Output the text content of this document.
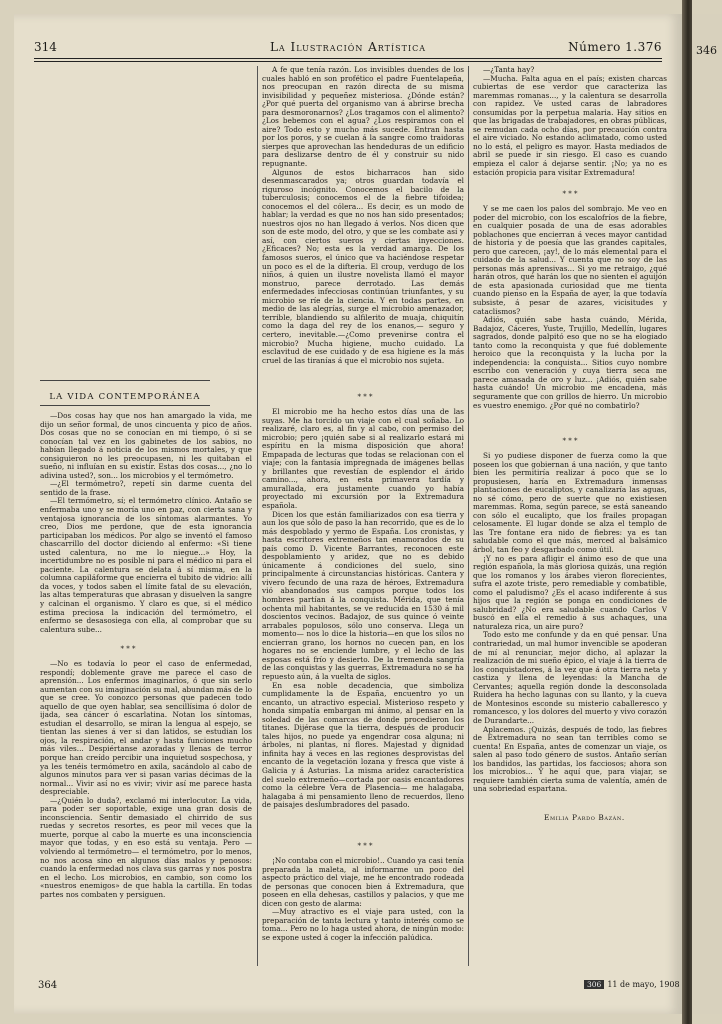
314	La Ilustración Artística	Número 1.376
LA VIDA CONTEMPORÁNEA

—Dos cosas hay que nos han amargado la vida, me dijo un señor formal, de unos cincuenta y pico de años. Dos cosas que no se conocían en mi tiempo, ó si se conocían tal vez en los gabinetes de los sabios, no habían llegado á noticia de los mismos mortales, y que consiguieron no les preocupasen, ni les quitaban el sueño, ni influían en su existir. Estas dos cosas..., ¿no lo adivina usted?, son... los microbios y el termómetro.

—¿El termómetro?, repetí sin darme cuenta del sentido de la frase.

—El termómetro, sí; el termómetro clínico. Antaño se enfermaba uno y se moría uno en paz, con cierta sana y ventajosa ignorancia de los síntomas alarmantes. Yo creo, Dios me perdone, que de esta ignorancia participaban los médicos. Por algo se inventó el famoso chascarrillo del doctor diciendo al enfermo: «Si tiene usted calentura, no me lo niegue...» Hoy, la incertidumbre no es posible ni para el médico ni para el paciente. La calentura se delata á sí misma, en la columna capiláforme que encierra el tubito de vidrio: allí da voces, y todos saben el límite fatal de su elevación, las altas temperaturas que abrasan y disuelven la sangre y calcinan el organismo. Y claro es que, si el médico estima preciosa la indicación del termómetro, el enfermo se desasosiega con ella, al comprobar que su calentura sube...

* * *

—No es todavía lo peor el caso de enfermedad, respondí; doblemente grave me parece el caso de aprensión... Los enfermos imaginarios, ó que sin serlo aumentan con su imaginación su mal, abundan más de lo que se cree. Yo conozco personas que padecen todo aquello de que oyen hablar, sea sencillísima ó dolor de ijada, sea cáncer ó escarlatina. Notan los síntomas, estudian el desarrollo, se miran la lengua al espejo, se tientan las sienes á ver si dan latidos, se estudian los ojos, la respiración, el andar y hasta funciones mucho más viles... Despiértanse azoradas y llenas de terror porque han creído percibir una inquietud sospechosa, y ya les tenéis termómetro en axila, sacándolo al cabo de algunos minutos para ver si pasan varias décimas de la normal... Vivir así no es vivir; vivir así me parece hasta despreciable.

—¿Quién lo duda?, exclamó mi interlocutor. La vida, para poder ser soportable, exige una gran dosis de inconsciencia. Sentir demasiado el chirrido de sus ruedas y secretos resortes, es peor mil veces que la muerte, porque al cabo la muerte es una inconsciencia mayor que todas, y en eso está su ventaja. Pero —volviendo al termómetro— el termómetro, por lo menos, no nos acosa sino en algunos días malos y penosos: cuando la enfermedad nos clava sus garras y nos postra en el lecho. Los microbios, en cambio, son como los «nuestros enemigos» de que habla la cartilla. En todas partes nos combaten y persiguen.

A fe que tenía razón. Los invisibles duendes de los cuales habló en son profético el padre Fuentelapeña, nos preocupan en razón directa de su misma invisibilidad y pequeñez misteriosa. ¿Dónde están? ¿Por qué puerta del organismo van á abrirse brecha para desmoronarnos? ¿Los tragamos con el alimento? ¿Los bebemos con el agua? ¿Los respiramos con el aire? Todo esto y mucho más sucede. Entran hasta por los poros, y se cuelan á la sangre como traidoras sierpes que aprovechan las hendeduras de un edificio para deslizarse dentro de él y construir su nido repugnante.

Algunos de estos bicharracos han sido desenmascarados ya; otros guardan todavía el riguroso incógnito. Conocemos el bacilo de la tuberculosis; conocemos el de la fiebre tifoidea; conocemos el del cólera... Es decir, es un modo de hablar; la verdad es que no nos han sido presentados; nuestros ojos no han llegado á verlos. Nos dicen que son de este modo, del otro, y que se les combate así y así, con ciertos sueros y ciertas inyecciones. ¿Eficaces? No; esta es la verdad amarga. De los famosos sueros, el único que va haciéndose respetar un poco es el de la difteria. El croup, verdugo de los niños, á quien un ilustre novelista llamó el mayor monstruo, parece derrotado. Las demás enfermedades infecciosas continúan triunfantes, y su microbio se ríe de la ciencia. Y en todas partes, en medio de las alegrías, surge el microbio amenazador, terrible, blandiendo su alfilerito de muaja, chiquitín como la daga del rey de los enanos,— seguro y certero, inevitable.—¿Como prevenirse contra el microbio? Mucha higiene, mucho cuidado. La esclavitud de ese cuidado y de esa higiene es la más cruel de las tiranías á que el microbio nos sujeta.

* * *

El microbio me ha hecho estos días una de las suyas. Me ha torcido un viaje con el cual soñaba. Lo realizaré, claro es, al fin y al cabo, con permiso del microbio; pero ¡quién sabe si al realizarlo estará mi espíritu en la misma disposición que ahora! Empapada de lecturas que todas se relacionan con el viaje; con la fantasía impregnada de imágenes bellas y brillantes que revestían de esplendor el árido camino..., ahora, en esta primavera tardía y amurallada, era justamente cuando yo había proyectado mi excursión por la Extremadura española.

Dicen los que están familiarizados con esa tierra y aun los que sólo de paso la han recorrido, que es de lo más despoblado y yermo de España. Los cronistas, y hasta escritores extremeños tan enamorados de su país como D. Vicente Barrantes, reconocen este despoblamiento y aridez, que no es debido únicamente á condiciones del suelo, sino principalmente á circunstancias históricas. Cantera y vivero fecundo de una raza de héroes, Extremadura vió abandonados sus campos porque todos los hombres partían á la conquista. Mérida, que tenía ochenta mil habitantes, se ve reducida en 1530 á mil doscientos vecinos. Badajoz, de sus quince ó veinte arrabales populosos, sólo uno conserva. Llega un momento— nos lo dice la historia—en que los silos no encierran grano, los hornos no cuecen pan, en los hogares no se enciende lumbre, y el lecho de las esposas está frío y desierto. De la tremenda sangría de las conquistas y las guerras, Extremadura no se ha repuesto aún, á la vuelta de siglos.

En esa noble decadencia, que simboliza cumplidamente la de España, encuentro yo un encanto, un atractivo especial. Misterioso respeto y honda simpatía embargan mi ánimo, al pensar en la soledad de las comarcas de donde procedieron los titanes. Dijérase que la tierra, después de producir tales hijos, no puede ya engendrar cosa alguna; ni árboles, ni plantas, ni flores. Majestad y dignidad infinita hay á veces en las regiones desprovistas del encanto de la vegetación lozana y fresca que viste á Galicia y á Asturias. La misma aridez característica del suelo extremeño—cortada por oasis encantadores como la célebre Vera de Plasencia— me halagaba, halagaba á mi pensamiento lleno de recuerdos, lleno de paisajes deslumbradores del pasado.

* * *

¡No contaba con el microbio!.. Cuando ya casi tenía preparada la maleta, al informarme un poco del aspecto práctico del viaje, me he encontrado rodeada de personas que conocen bien á Extremadura, que poseen en ella dehesas, castillos y palacios, y que me dicen con gesto de alarma:

—Muy atractivo es el viaje para usted, con la preparación de tanta lectura y tanto interés como se toma... Pero no lo haga usted ahora, de ningún modo: se expone usted á coger la infección palúdica.

—¿Tanta hay?

—Mucha. Falta agua en el país; existen charcas cubiertas de ese verdor que caracteriza las maremmas romanas..., y la calentura se desarrolla con rapidez. Ve usted caras de labradores consumidas por la perpetua malaria. Hay sitios en que las brigadas de trabajadores, en obras públicas, se remudan cada ocho días, por precaución contra el aire viciado. No estando aclimatado, como usted no lo está, el peligro es mayor. Hasta mediados de abril se puede ir sin riesgo. El caso es cuando empieza el calor á dejarse sentir. ¡No; ya no es estación propicia para visitar Extremadura!

* * *

Y se me caen los palos del sombrajo. Me veo en poder del microbio, con los escalofríos de la fiebre, en cualquier posada de una de esas adorables poblachones que encierran á veces mayor cantidad de historia y de poesía que las grandes capitales, pero que carecen, ¡ay!, de lo más elemental para el cuidado de la salud... Y cuenta que no soy de las personas más aprensivas... Si yo me retraigo, ¿qué harán otros, qué harán los que no sienten el aguijón de esta apasionada curiosidad que me tienta cuando pienso en la España de ayer, la que todavía subsiste, á pesar de azares, vicisitudes y cataclismos?

Adiós, quién sabe hasta cuándo, Mérida, Badajoz, Cáceres, Yuste, Trujillo, Medellín, lugares sagrados, donde palpitó eso que no se ha elogiado tanto como la reconquista y que fué doblemente heroico que la reconquista y la lucha por la independencia: la conquista... Sitios cuyo nombre escribo con veneración y cuya tierra seca me parece amasada de oro y luz... ¡Adiós, quién sabe hasta cuándo! Un microbio me encadena, más seguramente que con grillos de hierro. Un microbio es vuestro enemigo. ¿Por qué no combatirlo?

* * *

Si yo pudiese disponer de fuerza como la que poseen los que gobiernan á una nación, y que tanto bien les permitiría realizar á poco que se lo propusiesen, haría en Extremadura inmensas plantaciones de eucaliptos, y canalizaría las aguas, no sé cómo, pero de suerte que no existiesen maremmas. Roma, según parece, se está saneando con sólo el eucalipto, que los frailes propagan celosamente. El lugar donde se alza el templo de las Tre fontane era nido de fiebres: ya es tan saludable como el que más, merced al balsámico árbol, tan feo y desgarbado como útil.

¡Y no es para afligir el ánimo eso de que una región española, la más gloriosa quizás, una región que los romanos y los árabes vieron florecientes, sufra el azote triste, pero remediable y combatible, como el paludismo? ¿Es el acaso indiferente á sus hijos que la región se ponga en condiciones de salubridad? ¿No era saludable cuando Carlos V buscó en ella el remedio á sus achaques, una naturaleza rica, un aire puro?

Todo esto me confunde y da en qué pensar. Una contrariedad, un mal humor invencible se apoderan de mí al renunciar, mejor dicho, al aplazar la realización de mi sueño épico, el viaje á la tierra de los conquistadores, á la vez que á otra tierra neta y castiza y llena de leyendas: la Mancha de Cervantes; aquella región donde la desconsolada Ruidera ha hecho lagunas con su llanto, y la cueva de Montesinos esconde su misterio caballeresco y romancesco, y los dolores del muerto y vivo corazón de Durandarte...

Aplacemos. ¡Quizás, después de todo, las fiebres de Extremadura no sean tan terribles como se cuenta! En España, antes de comenzar un viaje, os salen al paso todo género de sustos. Antaño serían los bandidos, las partidas, los facciosos; ahora son los microbios... Y he aquí que, para viajar, se requiere también cierta suma de valentía, amén de una sobriedad espartana.

Emilia Pardo Bazán.
364	306 11 de mayo, 1908
346
